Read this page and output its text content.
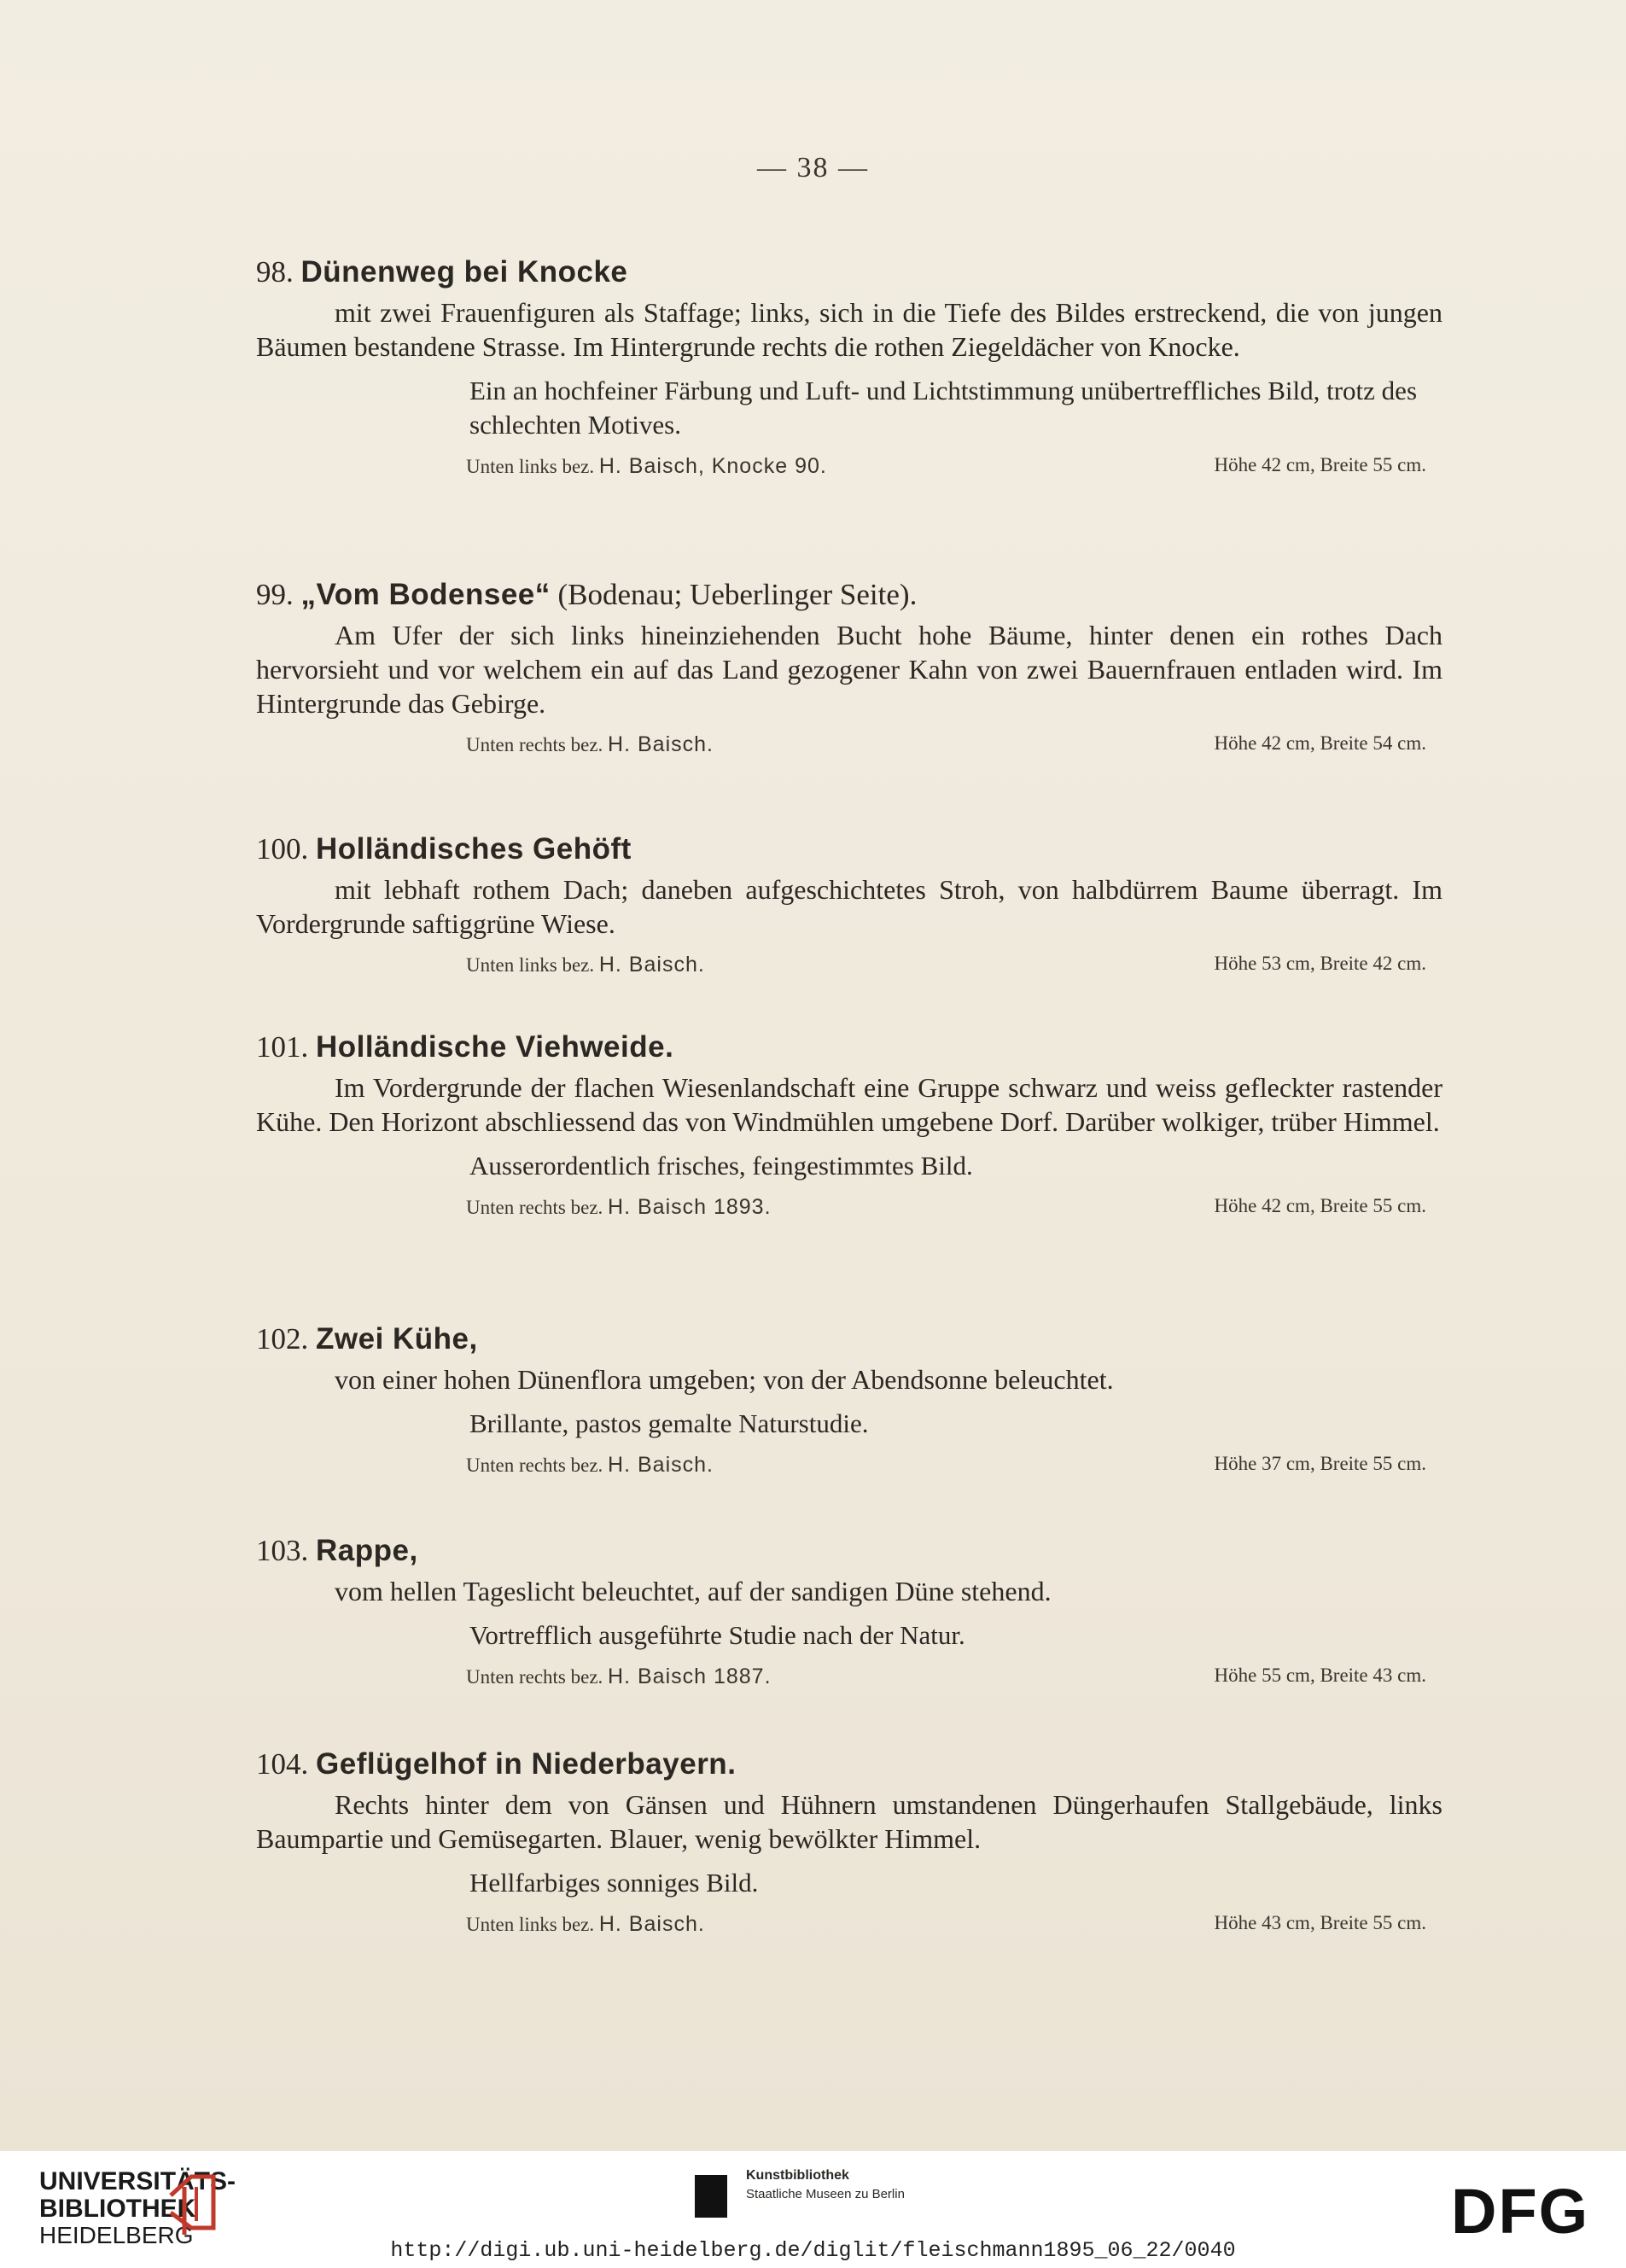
— 38 —
98. Dünenweg bei Knocke
mit zwei Frauenfiguren als Staffage; links, sich in die Tiefe des Bildes erstreckend, die von jungen Bäumen bestandene Strasse. Im Hintergrunde rechts die rothen Ziegeldächer von Knocke.
Ein an hochfeiner Färbung und Luft- und Lichtstimmung unübertreffliches Bild, trotz des schlechten Motives.
Unten links bez. H. Baisch, Knocke 90.	Höhe 42 cm, Breite 55 cm.
99. „Vom Bodensee“ (Bodenau; Ueberlinger Seite).
Am Ufer der sich links hineinziehenden Bucht hohe Bäume, hinter denen ein rothes Dach hervorsieht und vor welchem ein auf das Land gezogener Kahn von zwei Bauernfrauen entladen wird. Im Hintergrunde das Gebirge.
Unten rechts bez. H. Baisch.	Höhe 42 cm, Breite 54 cm.
100. Holländisches Gehöft
mit lebhaft rothem Dach; daneben aufgeschichtetes Stroh, von halbdürrem Baume überragt. Im Vordergrunde saftiggrüne Wiese.
Unten links bez. H. Baisch.	Höhe 53 cm, Breite 42 cm.
101. Holländische Viehweide.
Im Vordergrunde der flachen Wiesenlandschaft eine Gruppe schwarz und weiss gefleckter rastender Kühe. Den Horizont abschliessend das von Windmühlen umgebene Dorf. Darüber wolkiger, trüber Himmel.
Ausserordentlich frisches, feingestimmtes Bild.
Unten rechts bez. H. Baisch 1893.	Höhe 42 cm, Breite 55 cm.
102. Zwei Kühe,
von einer hohen Dünenflora umgeben; von der Abendsonne beleuchtet.
Brillante, pastos gemalte Naturstudie.
Unten rechts bez. H. Baisch.	Höhe 37 cm, Breite 55 cm.
103. Rappe,
vom hellen Tageslicht beleuchtet, auf der sandigen Düne stehend.
Vortrefflich ausgeführte Studie nach der Natur.
Unten rechts bez. H. Baisch 1887.	Höhe 55 cm, Breite 43 cm.
104. Geflügelhof in Niederbayern.
Rechts hinter dem von Gänsen und Hühnern umstandenen Düngerhaufen Stallgebäude, links Baumpartie und Gemüsegarten. Blauer, wenig bewölkter Himmel.
Hellfarbiges sonniges Bild.
Unten links bez. H. Baisch.	Höhe 43 cm, Breite 55 cm.
UNIVERSITÄTS-
BIBLIOTHEK
HEIDELBERG
Kunstbibliothek
Staatliche Museen zu Berlin	DFG
http://digi.ub.uni-heidelberg.de/diglit/fleischmann1895_06_22/0040
